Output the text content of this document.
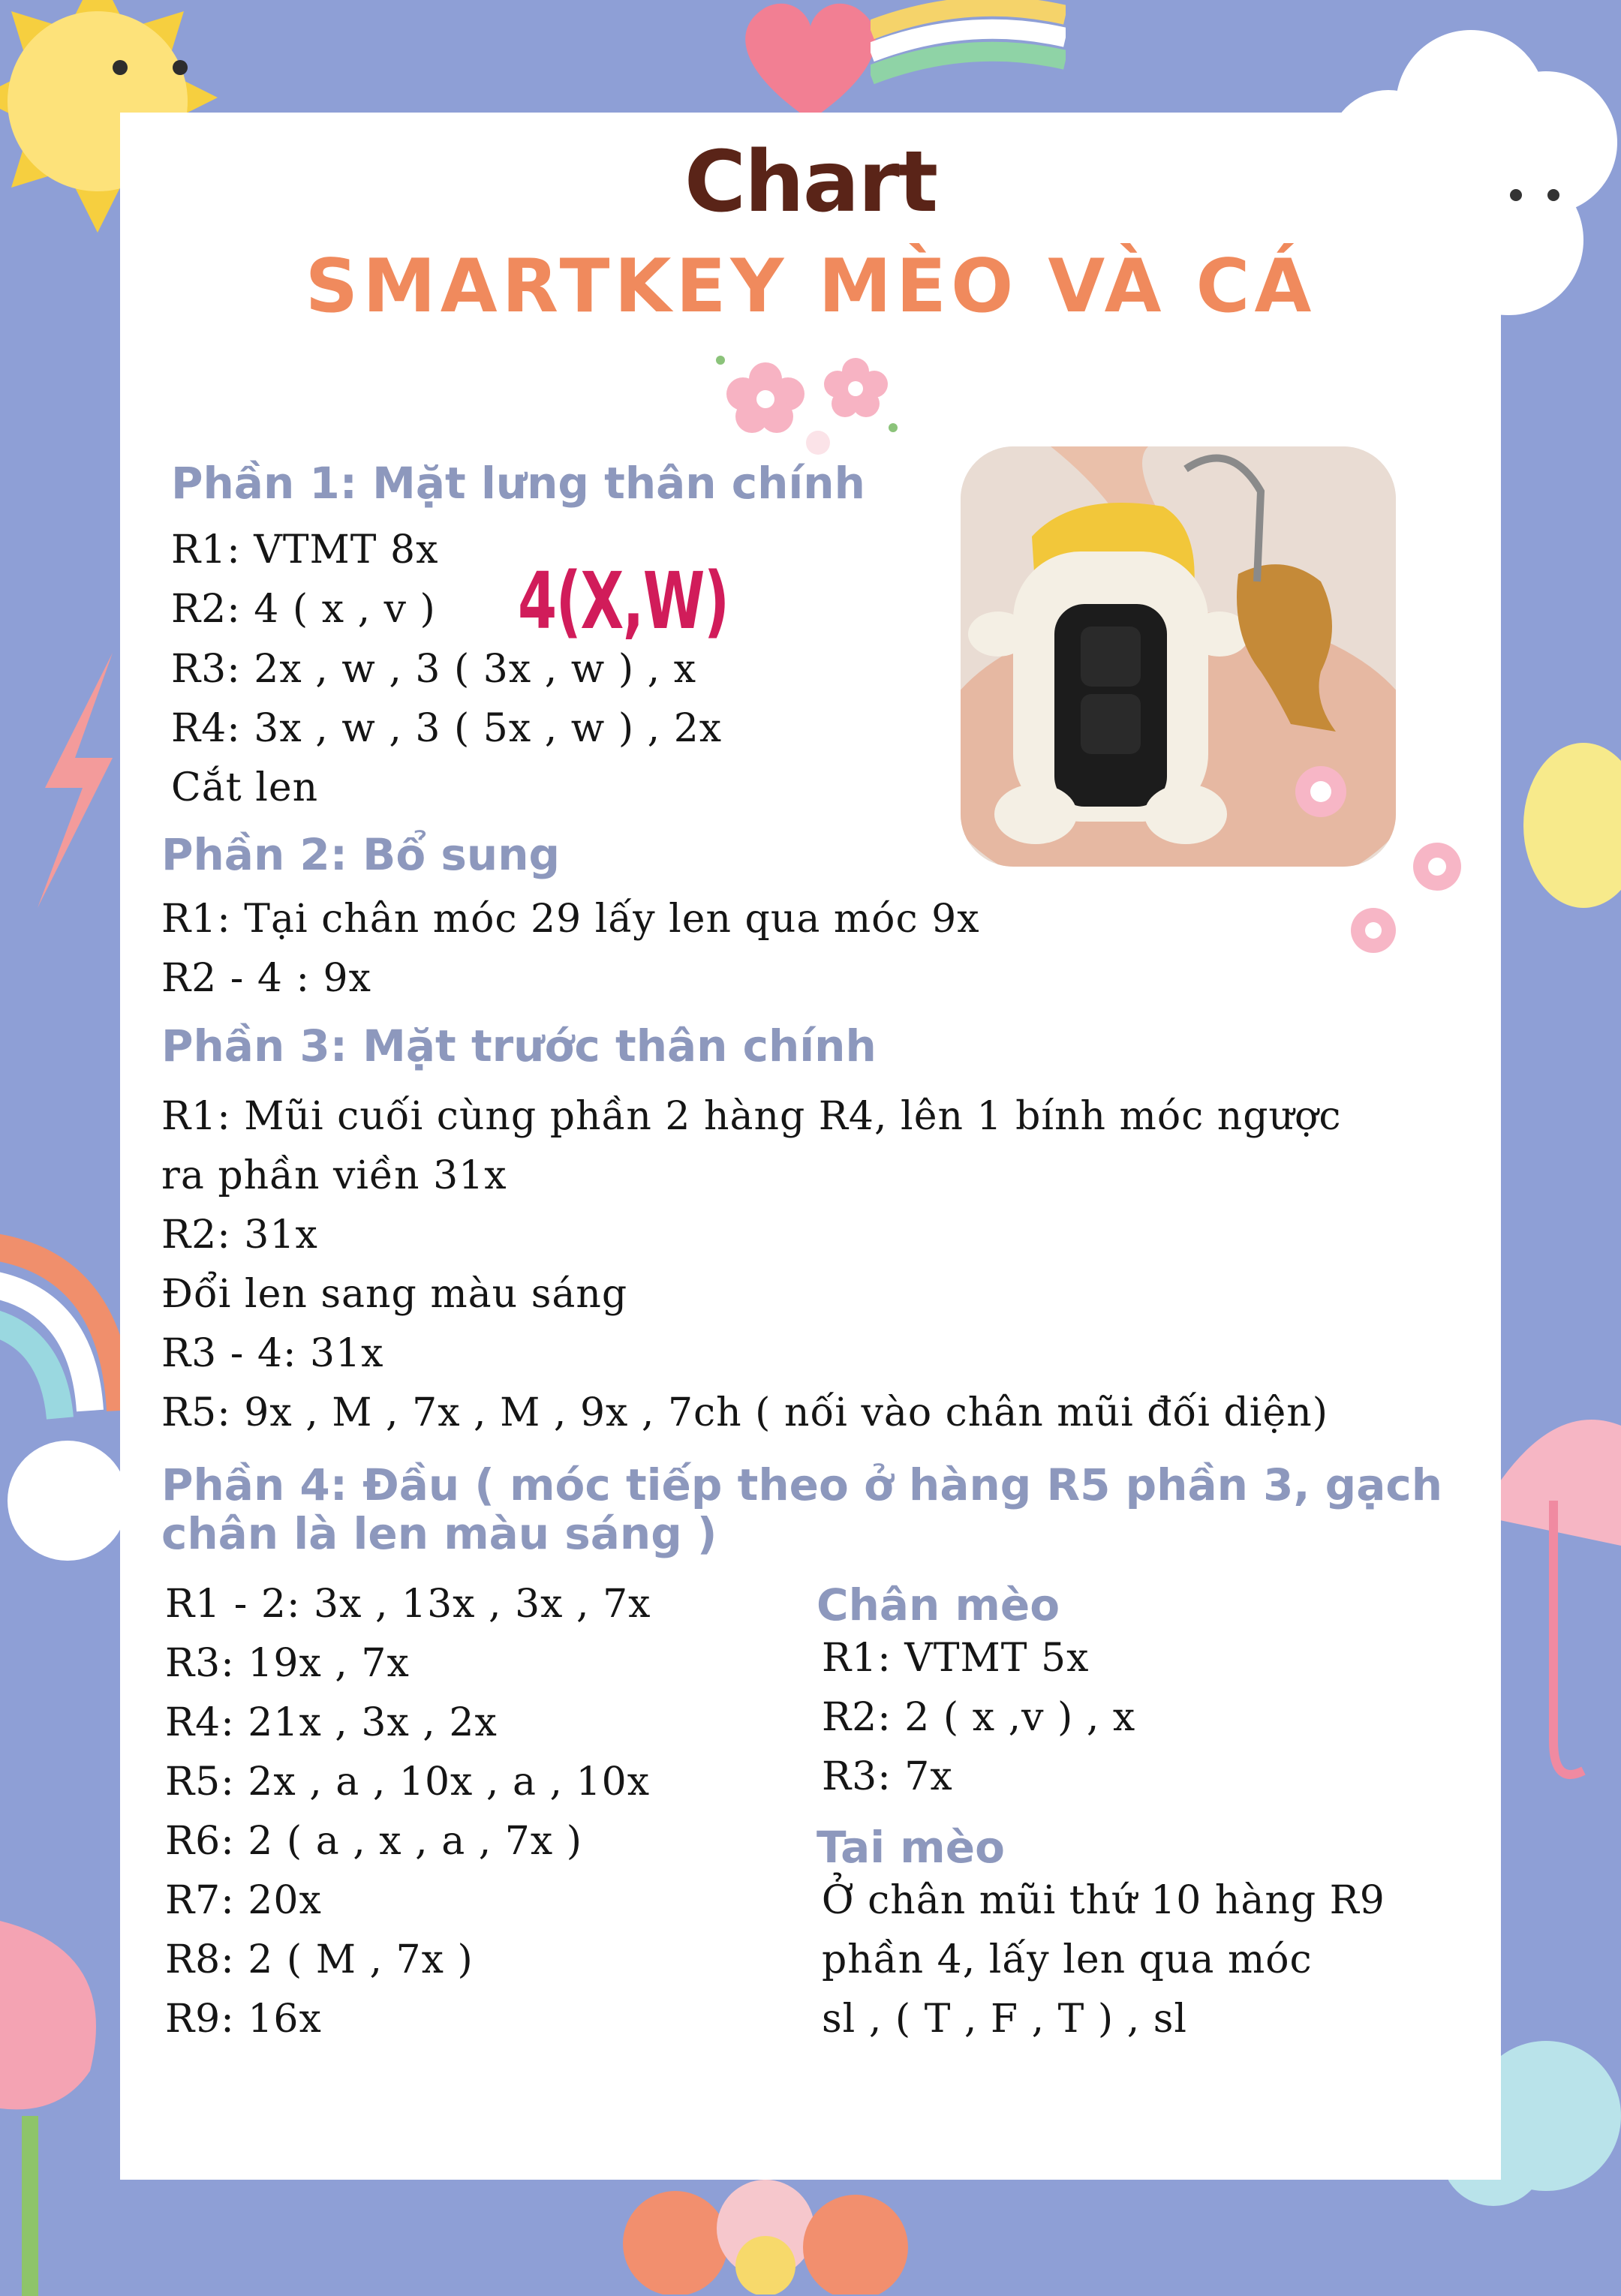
Chart
SMARTKEY MÈO VÀ CÁ
Phần 1: Mặt lưng thân chính
R1: VTMT 8x
R2: 4 ( x , v )
R3: 2x , w , 3 ( 3x , w ) , x
R4: 3x , w , 3 ( 5x , w ) , 2x
Cắt len
4(X,W)
Phần 2: Bổ sung
R1: Tại chân móc 29 lấy len qua móc 9x
R2 - 4 : 9x
Phần 3: Mặt trước thân chính
R1: Mũi cuối cùng phần 2 hàng R4, lên 1 bính móc ngược
ra phần viền 31x
R2: 31x
Đổi len sang màu sáng
R3 - 4: 31x
R5: 9x , M , 7x , M , 9x , 7ch ( nối vào chân mũi đối diện)
Phần 4: Đầu ( móc tiếp theo ở hàng R5 phần 3, gạch
chân là len màu sáng )
R1 - 2: 3x , 13x , 3x , 7x
R3: 19x , 7x
R4: 21x , 3x , 2x
R5: 2x , a , 10x , a , 10x
R6: 2 ( a , x , a , 7x )
R7: 20x
R8: 2 ( M , 7x )
R9: 16x
Chân mèo
R1: VTMT 5x
R2: 2 ( x ,v ) , x
R3: 7x
Tai mèo
Ở chân mũi thứ 10 hàng R9
phần 4, lấy len qua móc
sl , ( T , F , T ) , sl
